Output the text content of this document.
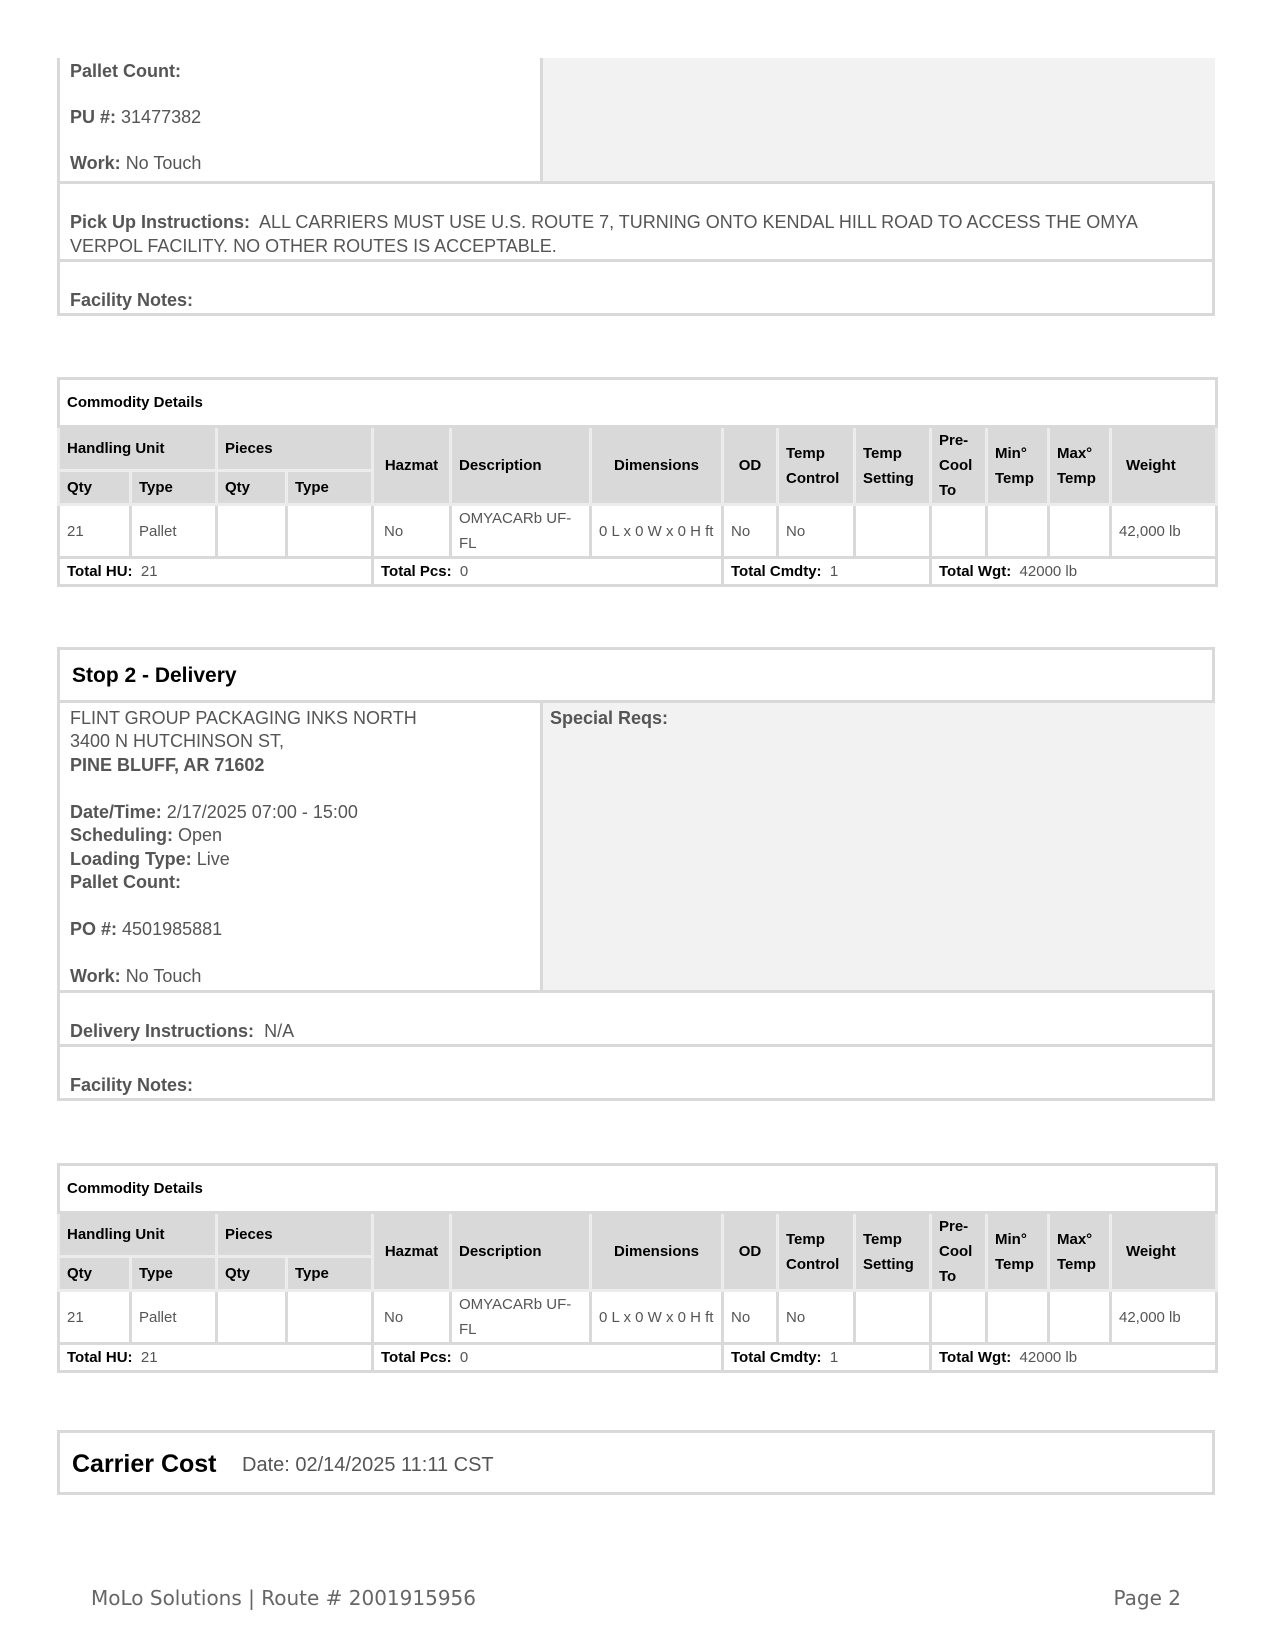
Pallet Count:
PU #: 31477382
Work: No Touch
Pick Up Instructions: ALL CARRIERS MUST USE U.S. ROUTE 7, TURNING ONTO KENDAL HILL ROAD TO ACCESS THE OMYA VERPOL FACILITY. NO OTHER ROUTES IS ACCEPTABLE.
Facility Notes:
Commodity Details													
Handling Unit		Pieces		Hazmat	Description	Dimensions	OD	Temp Control	Temp Setting	Pre-Cool To	Min° Temp	Max° Temp	Weight
Qty	Type	Qty	Type										
21	Pallet			No	OMYACARb UF-FL	0 L x 0 W x 0 H ft	No	No					42,000 lb
Total HU: 21				Total Pcs: 0			Total Cmdty: 1			Total Wgt: 42000 lb			
Stop 2 - Delivery
FLINT GROUP PACKAGING INKS NORTH
3400 N HUTCHINSON ST,
PINE BLUFF, AR 71602
Date/Time: 2/17/2025 07:00 - 15:00
Scheduling: Open
Loading Type: Live
Pallet Count:
PO #: 4501985881
Work: No Touch
Special Reqs:
Delivery Instructions: N/A
Facility Notes:
Commodity Details													
Handling Unit		Pieces		Hazmat	Description	Dimensions	OD	Temp Control	Temp Setting	Pre-Cool To	Min° Temp	Max° Temp	Weight
Qty	Type	Qty	Type										
21	Pallet			No	OMYACARb UF-FL	0 L x 0 W x 0 H ft	No	No					42,000 lb
Total HU: 21				Total Pcs: 0			Total Cmdty: 1			Total Wgt: 42000 lb			
Carrier Cost Date: 02/14/2025 11:11 CST
MoLo Solutions | Route # 2001915956	Page 2
